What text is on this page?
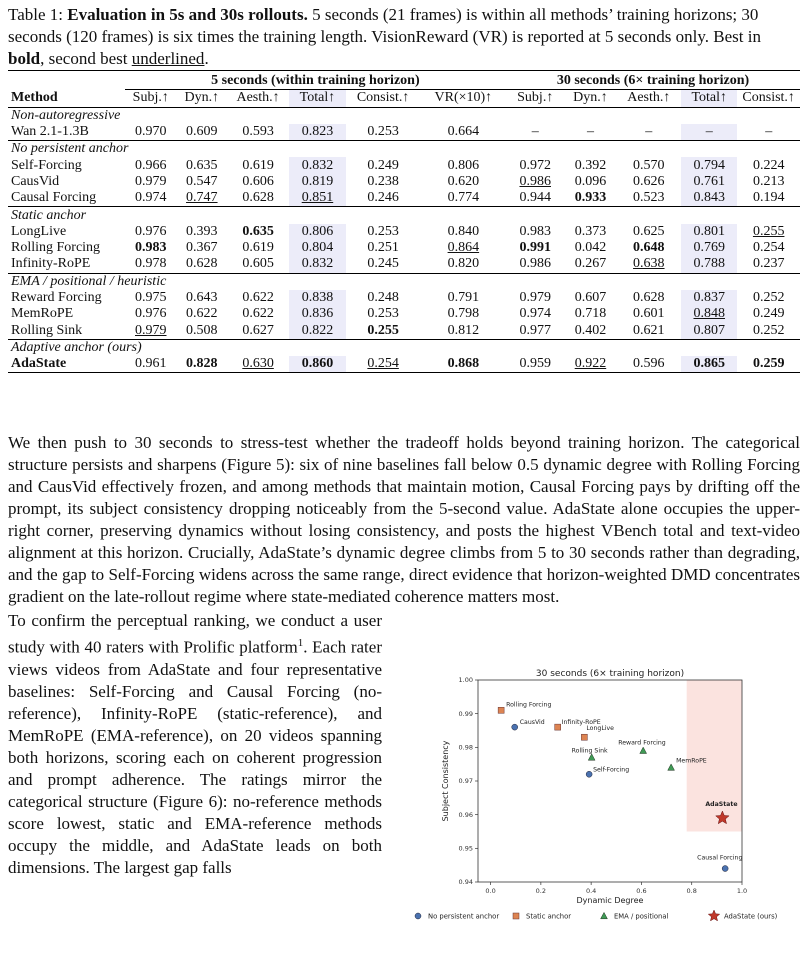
Table 1: Evaluation in 5s and 30s rollouts. 5 seconds (21 frames) is within all methods’ training horizons; 30 seconds (120 frames) is six times the training length. VisionReward (VR) is reported at 5 seconds only. Best in bold, second best underlined.
	5 seconds (within training horizon)						30 seconds (6× training horizon)				
Method	Subj.↑	Dyn.↑	Aesth.↑	Total↑	Consist.↑	VR(×10)↑	Subj.↑	Dyn.↑	Aesth.↑	Total↑	Consist.↑
Non-autoregressive											
Wan 2.1-1.3B	0.970	0.609	0.593	0.823	0.253	0.664	–	–	–	–	–
No persistent anchor											
Self-Forcing	0.966	0.635	0.619	0.832	0.249	0.806	0.972	0.392	0.570	0.794	0.224
CausVid	0.979	0.547	0.606	0.819	0.238	0.620	0.986	0.096	0.626	0.761	0.213
Causal Forcing	0.974	0.747	0.628	0.851	0.246	0.774	0.944	0.933	0.523	0.843	0.194
Static anchor											
LongLive	0.976	0.393	0.635	0.806	0.253	0.840	0.983	0.373	0.625	0.801	0.255
Rolling Forcing	0.983	0.367	0.619	0.804	0.251	0.864	0.991	0.042	0.648	0.769	0.254
Infinity-RoPE	0.978	0.628	0.605	0.832	0.245	0.820	0.986	0.267	0.638	0.788	0.237
EMA / positional / heuristic											
Reward Forcing	0.975	0.643	0.622	0.838	0.248	0.791	0.979	0.607	0.628	0.837	0.252
MemRoPE	0.976	0.622	0.622	0.836	0.253	0.798	0.974	0.718	0.601	0.848	0.249
Rolling Sink	0.979	0.508	0.627	0.822	0.255	0.812	0.977	0.402	0.621	0.807	0.252
Adaptive anchor (ours)											
AdaState	0.961	0.828	0.630	0.860	0.254	0.868	0.959	0.922	0.596	0.865	0.259
We then push to 30 seconds to stress-test whether the tradeoff holds beyond training horizon. The categorical structure persists and sharpens (Figure 5): six of nine baselines fall below 0.5 dynamic degree with Rolling Forcing and CausVid effectively frozen, and among methods that maintain motion, Causal Forcing pays by drifting off the prompt, its subject consistency dropping noticeably from the 5-second value. AdaState alone occupies the upper-right corner, preserving dynamics without losing consistency, and posts the highest VBench total and text-video alignment at this horizon. Crucially, AdaState’s dynamic degree climbs from 5 to 30 seconds rather than degrading, and the gap to Self-Forcing widens across the same range, direct evidence that horizon-weighted DMD concentrates gradient on the late-rollout regime where state-mediated coherence matters most.
To confirm the perceptual ranking, we conduct a user study with 40 raters with Prolific platform$^1$. Each rater views videos from AdaState and four representative baselines: Self-Forcing and Causal Forcing (no-reference), Infinity-RoPE (static-reference), and MemRoPE (EMA-reference), on 20 videos spanning both horizons, scoring each on coherent progression and prompt adherence. The ratings mirror the categorical structure (Figure 6): no-reference methods score lowest, static and EMA-reference methods occupy the middle, and AdaState leads on both dimensions. The largest gap falls
30 seconds (6× training horizon)
0.0	0.2	0.4	0.6	0.8	1.0
0.94
0.95
0.96
0.97
0.98
0.99
1.00
Dynamic Degree
Subject Consistency
Rolling Forcing
CausVid	Infinity-RoPE
LongLive
Rolling Sink
Reward Forcing
MemRoPE
Self-Forcing
AdaState
Causal Forcing
No persistent anchor	Static anchor	EMA / positional	AdaState (ours)
